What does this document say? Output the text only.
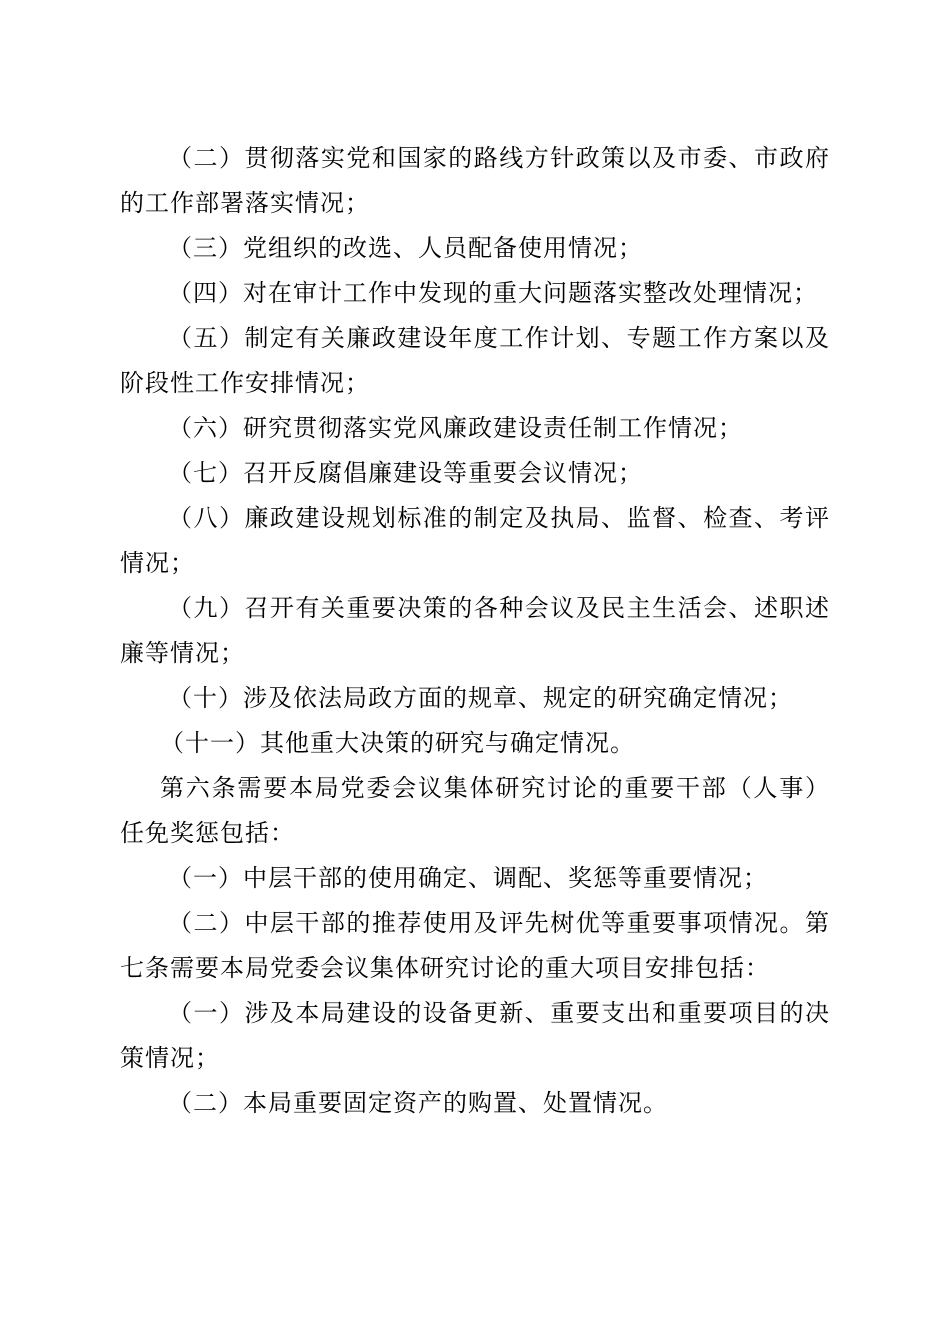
（二）贯彻落实党和国家的路线方针政策以及市委、市政府的工作部署落实情况；

（三）党组织的改选、人员配备使用情况；

（四）对在审计工作中发现的重大问题落实整改处理情况；

（五）制定有关廉政建设年度工作计划、专题工作方案以及阶段性工作安排情况；

（六）研究贯彻落实党风廉政建设责任制工作情况；

（七）召开反腐倡廉建设等重要会议情况；

（八）廉政建设规划标准的制定及执局、监督、检查、考评情况；

（九）召开有关重要决策的各种会议及民主生活会、述职述廉等情况；

（十）涉及依法局政方面的规章、规定的研究确定情况；

（十一）其他重大决策的研究与确定情况。

第六条需要本局党委会议集体研究讨论的重要干部（人事）任免奖惩包括：

（一）中层干部的使用确定、调配、奖惩等重要情况；

（二）中层干部的推荐使用及评先树优等重要事项情况。第七条需要本局党委会议集体研究讨论的重大项目安排包括：

（一）涉及本局建设的设备更新、重要支出和重要项目的决策情况；

（二）本局重要固定资产的购置、处置情况。
